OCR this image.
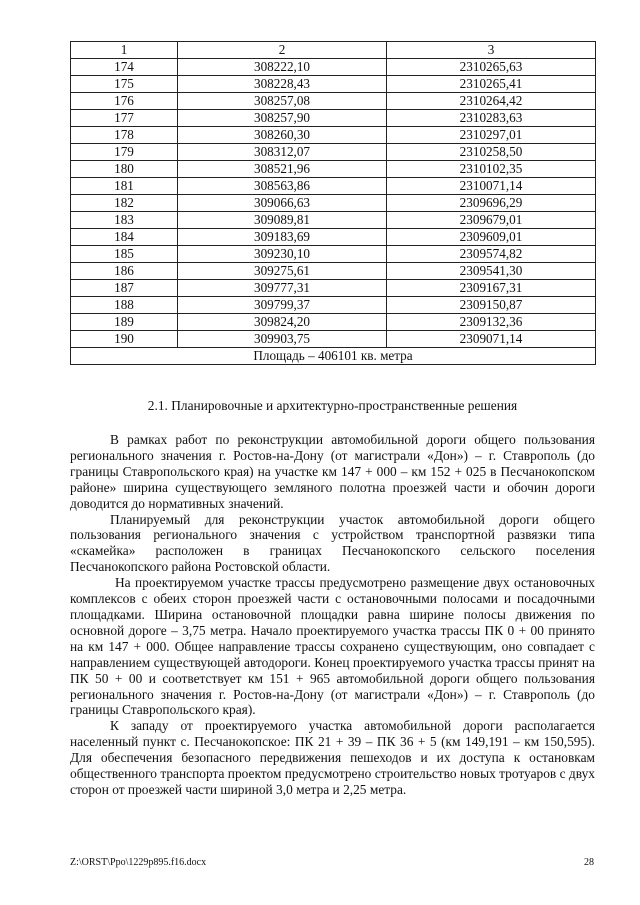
1	2	3
174	308222,10	2310265,63
175	308228,43	2310265,41
176	308257,08	2310264,42
177	308257,90	2310283,63
178	308260,30	2310297,01
179	308312,07	2310258,50
180	308521,96	2310102,35
181	308563,86	2310071,14
182	309066,63	2309696,29
183	309089,81	2309679,01
184	309183,69	2309609,01
185	309230,10	2309574,82
186	309275,61	2309541,30
187	309777,31	2309167,31
188	309799,37	2309150,87
189	309824,20	2309132,36
190	309903,75	2309071,14
Площадь – 406101 кв. метра		
2.1. Планировочные и архитектурно-пространственные решения

В рамках работ по реконструкции автомобильной дороги общего пользования регионального значения г. Ростов-на-Дону (от магистрали «Дон») – г. Ставрополь (до границы Ставропольского края) на участке км 147 + 000 – км 152 + 025 в Песчанокопском районе» ширина существующего земляного полотна проезжей части и обочин дороги доводится до нормативных значений.

Планируемый для реконструкции участок автомобильной дороги общего пользования регионального значения с устройством транспортной развязки типа «скамейка» расположен в границах Песчанокопского сельского поселения Песчанокопского района Ростовской области.

На проектируемом участке трассы предусмотрено размещение двух остановочных комплексов с обеих сторон проезжей части с остановочными полосами и посадочными площадками. Ширина остановочной площадки равна ширине полосы движения по основной дороге – 3,75 метра. Начало проектируемого участка трассы ПК 0 + 00 принято на км 147 + 000. Общее направление трассы сохранено существующим, оно совпадает с направлением существующей автодороги. Конец проектируемого участка трассы принят на ПК 50 + 00 и соответствует км 151 + 965 автомобильной дороги общего пользования регионального значения г. Ростов-на-Дону (от магистрали «Дон») – г. Ставрополь (до границы Ставропольского края).

К западу от проектируемого участка автомобильной дороги располагается населенный пункт с. Песчанокопское: ПК 21 + 39 – ПК 36 + 5 (км 149,191 – км 150,595). Для обеспечения безопасного передвижения пешеходов и их доступа к остановкам общественного транспорта проектом предусмотрено строительство новых тротуаров с двух сторон от проезжей части шириной 3,0 метра и 2,25 метра.

Z:\ORST\Ppo\1229p895.f16.docx	28
